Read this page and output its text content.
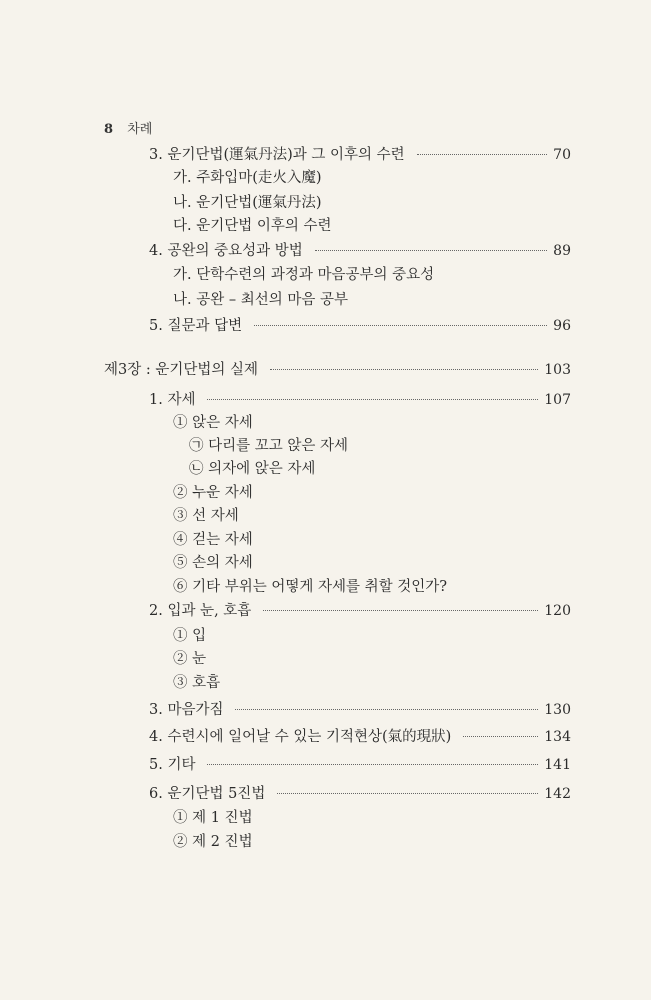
8 차례
3. 운기단법(運氣丹法)과 그 이후의 수련	70
가. 주화입마(走火入魔)
나. 운기단법(運氣丹法)
다. 운기단법 이후의 수련
4. 공완의 중요성과 방법	89
가. 단학수련의 과정과 마음공부의 중요성
나. 공완 – 최선의 마음 공부
5. 질문과 답변	96
제3장 : 운기단법의 실제	103
1. 자세	107
① 앉은 자세
㉠ 다리를 꼬고 앉은 자세
㉡ 의자에 앉은 자세
② 누운 자세
③ 선 자세
④ 걷는 자세
⑤ 손의 자세
⑥ 기타 부위는 어떻게 자세를 취할 것인가?
2. 입과 눈, 호흡	120
① 입
② 눈
③ 호흡
3. 마음가짐	130
4. 수련시에 일어날 수 있는 기적현상(氣的現狀)	134
5. 기타	141
6. 운기단법 5진법	142
① 제 1 진법
② 제 2 진법
